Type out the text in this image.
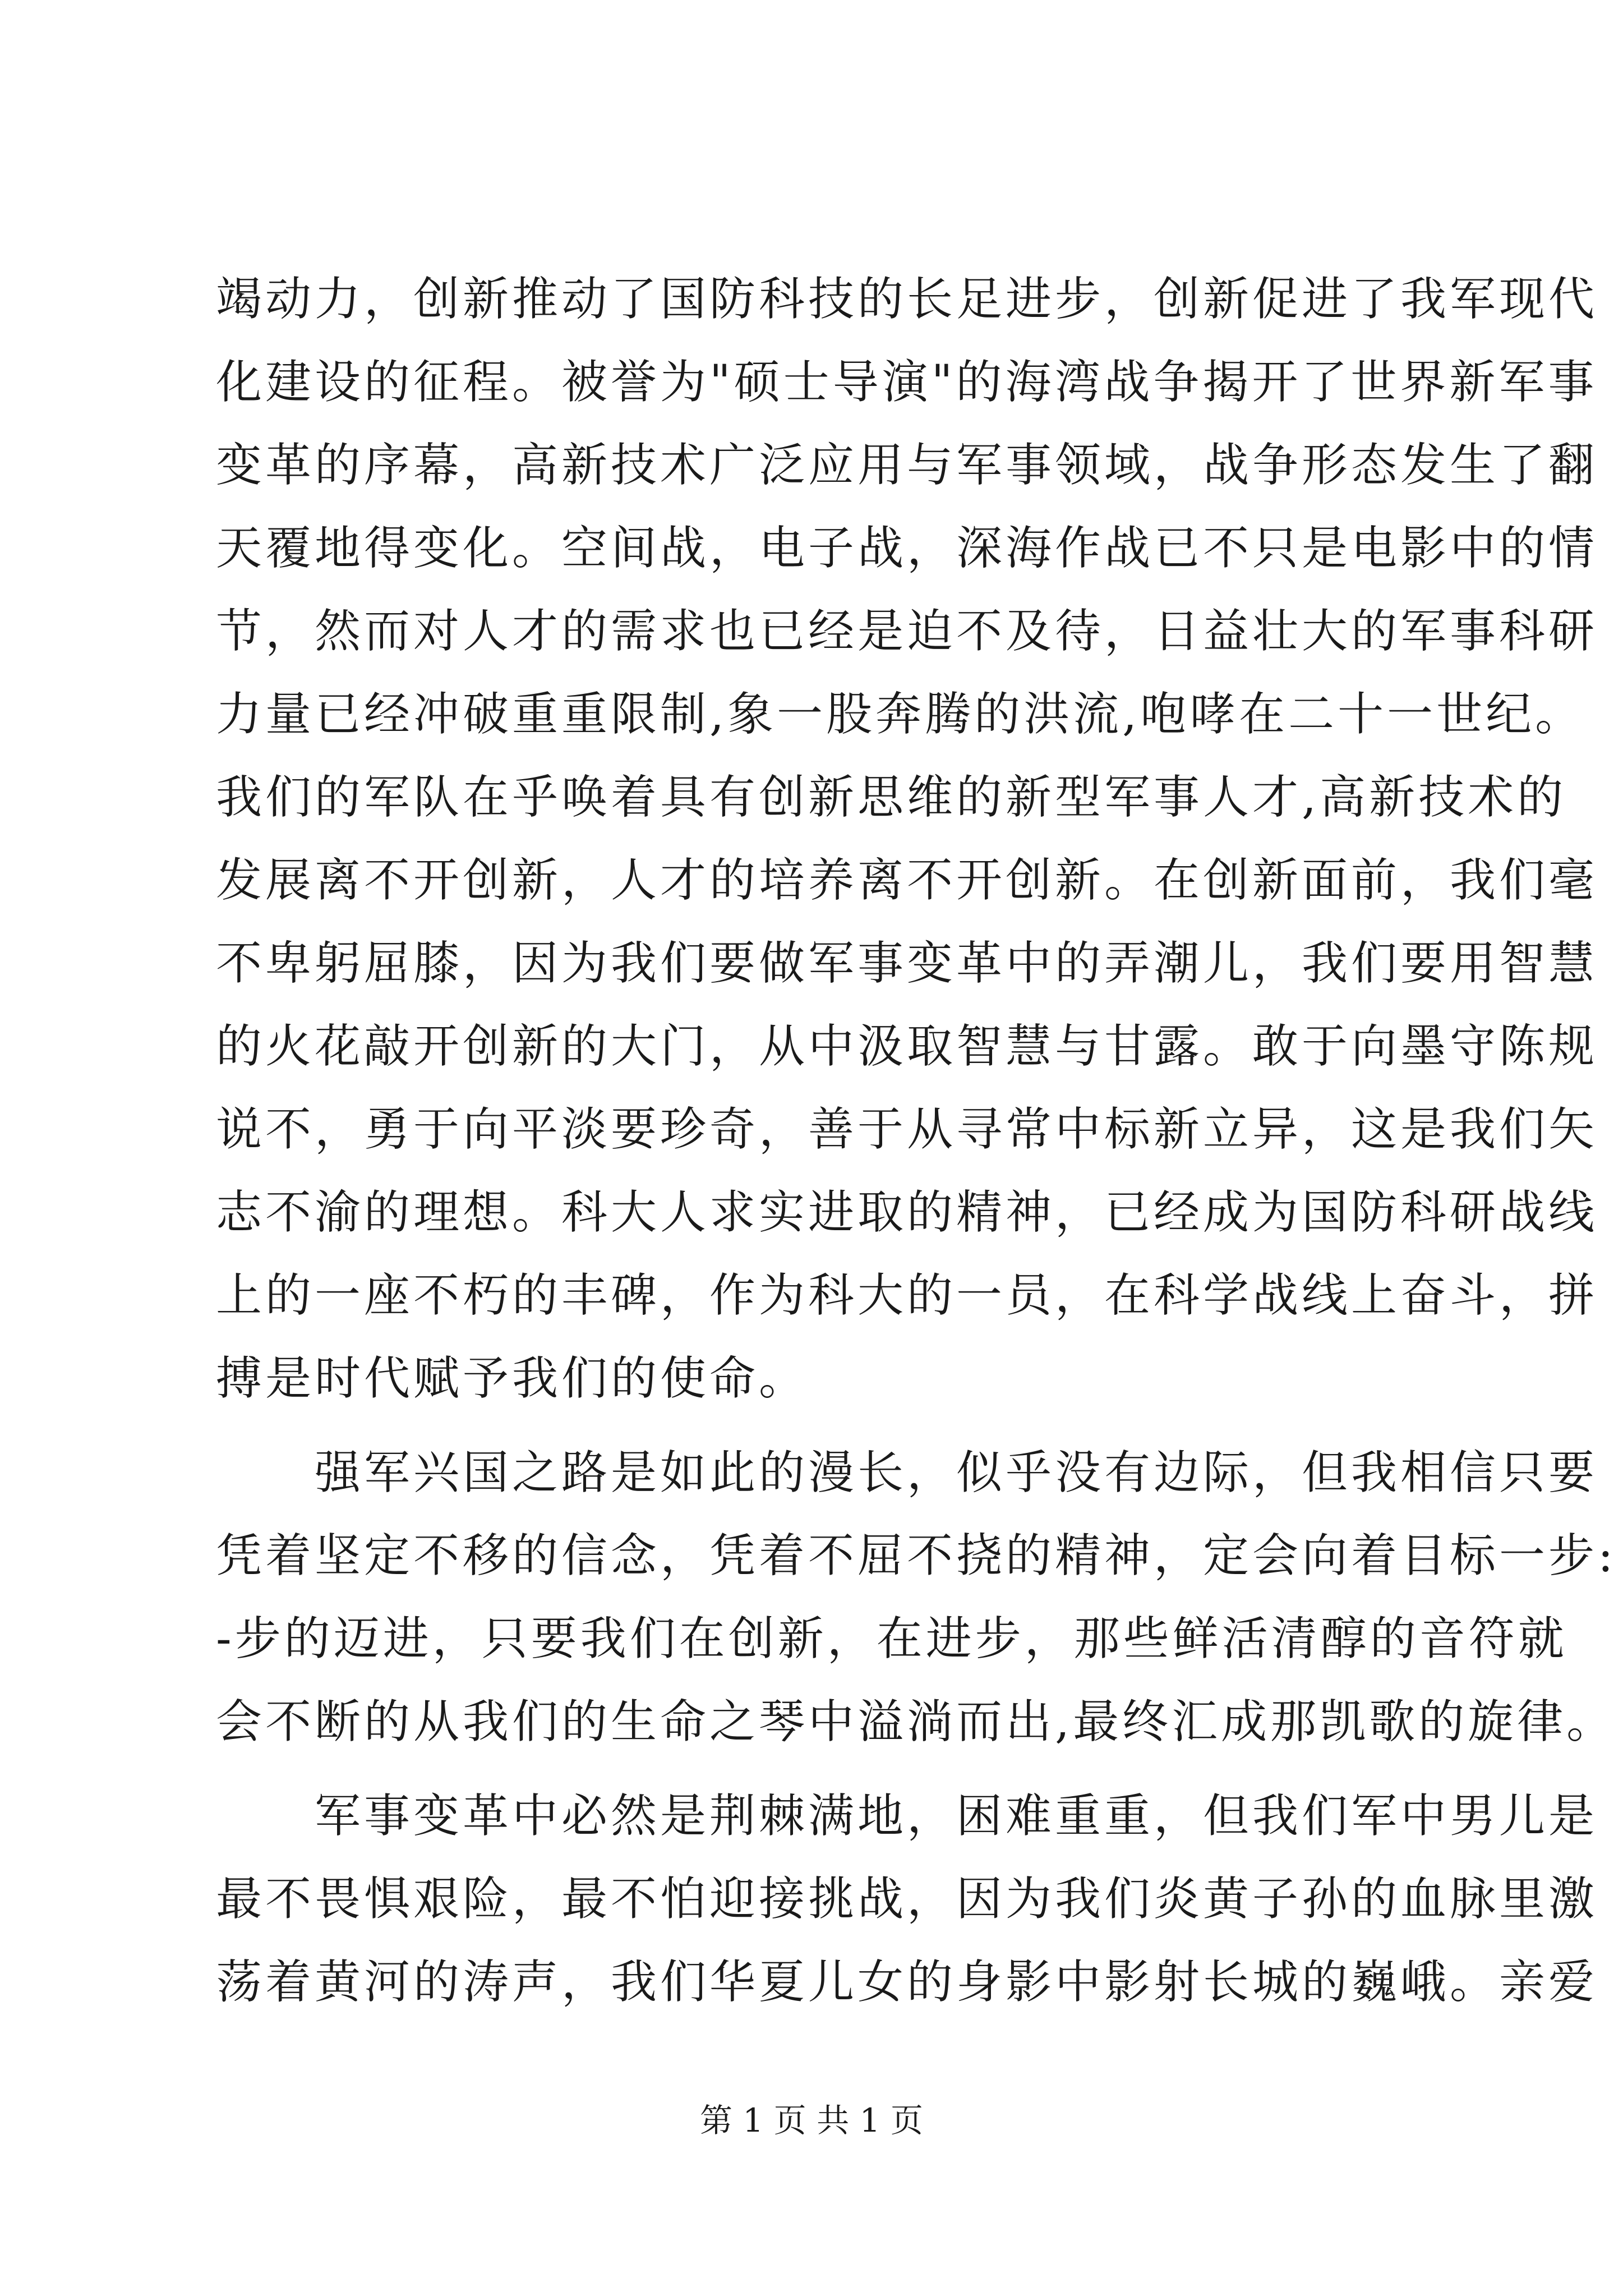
竭动力，创新推动了国防科技的长足进步，创新促进了我军现代
化建设的征程。被誉为"硕士导演"的海湾战争揭开了世界新军事
变革的序幕，高新技术广泛应用与军事领域，战争形态发生了翻
天覆地得变化。空间战，电子战，深海作战已不只是电影中的情
节，然而对人才的需求也已经是迫不及待，日益壮大的军事科研
力量已经冲破重重限制,象一股奔腾的洪流,咆哮在二十一世纪。
我们的军队在乎唤着具有创新思维的新型军事人才,高新技术的
发展离不开创新，人才的培养离不开创新。在创新面前，我们毫
不卑躬屈膝，因为我们要做军事变革中的弄潮儿，我们要用智慧
的火花敲开创新的大门，从中汲取智慧与甘露。敢于向墨守陈规
说不，勇于向平淡要珍奇，善于从寻常中标新立异，这是我们矢
志不渝的理想。科大人求实进取的精神，已经成为国防科研战线
上的一座不朽的丰碑，作为科大的一员，在科学战线上奋斗，拼
搏是时代赋予我们的使命。
　　强军兴国之路是如此的漫长，似乎没有边际，但我相信只要
凭着坚定不移的信念，凭着不屈不挠的精神，定会向着目标一步:
-步的迈进，只要我们在创新，在进步，那些鲜活清醇的音符就
会不断的从我们的生命之琴中溢淌而出,最终汇成那凯歌的旋律。
　　军事变革中必然是荆棘满地，困难重重，但我们军中男儿是
最不畏惧艰险，最不怕迎接挑战，因为我们炎黄子孙的血脉里激
荡着黄河的涛声，我们华夏儿女的身影中影射长城的巍峨。亲爱
第 1 页 共 1 页
